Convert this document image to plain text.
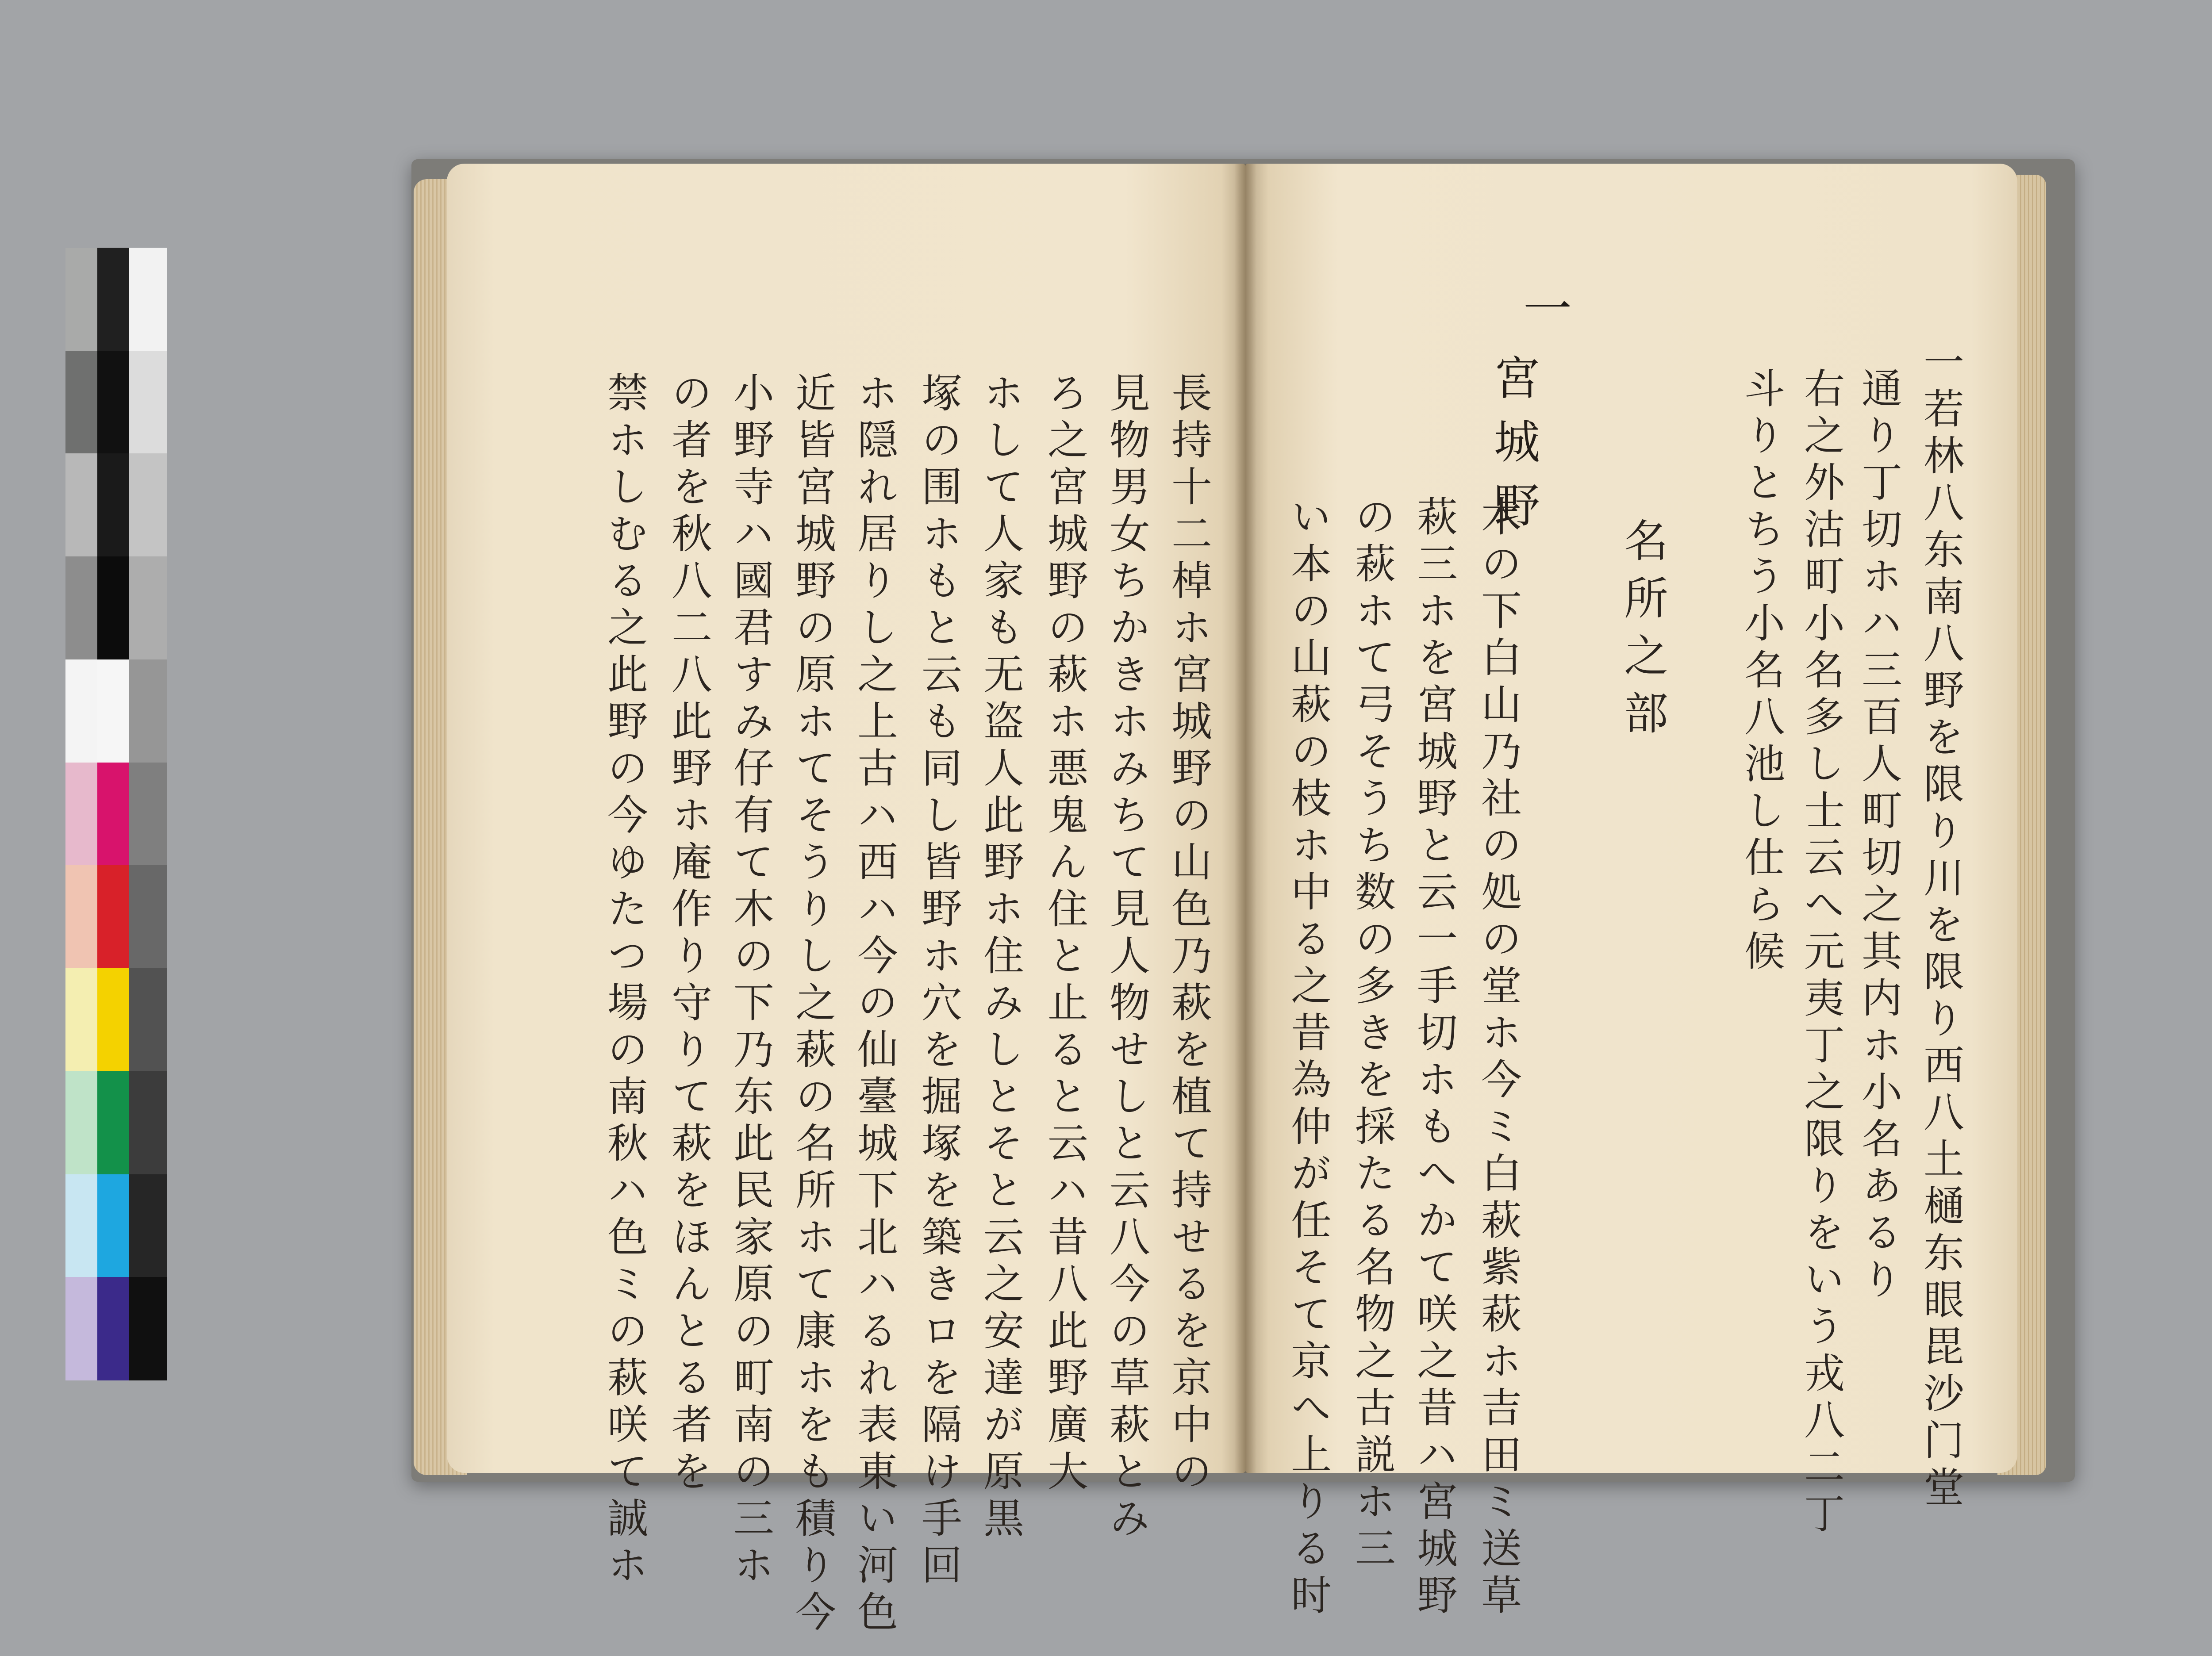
一若林八东南八野を限り川を限り西八土樋东眼毘沙门堂
通り丁切ホハ三百人町切之其内ホ小名あるり
右之外沽町小名多し士云へ元夷丁之限りをいう戎八二丁
斗りとちう小名八池し仕ら候
名所之部
一
宮城野
木の下白山乃社の処の堂ホ今ミ白萩紫萩ホ吉田ミ送草
萩三ホを宮城野と云一手切ホもへかて咲之昔ハ宮城野
の萩ホて弓そうち数の多きを採たる名物之古説ホ三
い本の山萩の枝ホ中る之昔為仲が任そて京へ上りる时
長持十二棹ホ宮城野の山色乃萩を植て持せるを京中の
見物男女ちかきホみちて見人物せしと云八今の草萩とみ
ろ之宮城野の萩ホ悪鬼ん住と止ると云ハ昔八此野廣大
ホして人家も无盗人此野ホ住みしとそと云之安達が原黒
塚の围ホもと云も同し皆野ホ穴を掘塚を築きロを隔け手回
ホ隠れ居りし之上古ハ西ハ今の仙臺城下北ハるれ表東い河色
近皆宮城野の原ホてそうりし之萩の名所ホて康ホをも積り今
小野寺ハ國君すみ仔有て木の下乃东此民家原の町南の三ホ
の者を秋八二八此野ホ庵作り守りて萩をほんとる者を
禁ホしむる之此野の今ゆたつ場の南秋ハ色ミの萩咲て誠ホ
